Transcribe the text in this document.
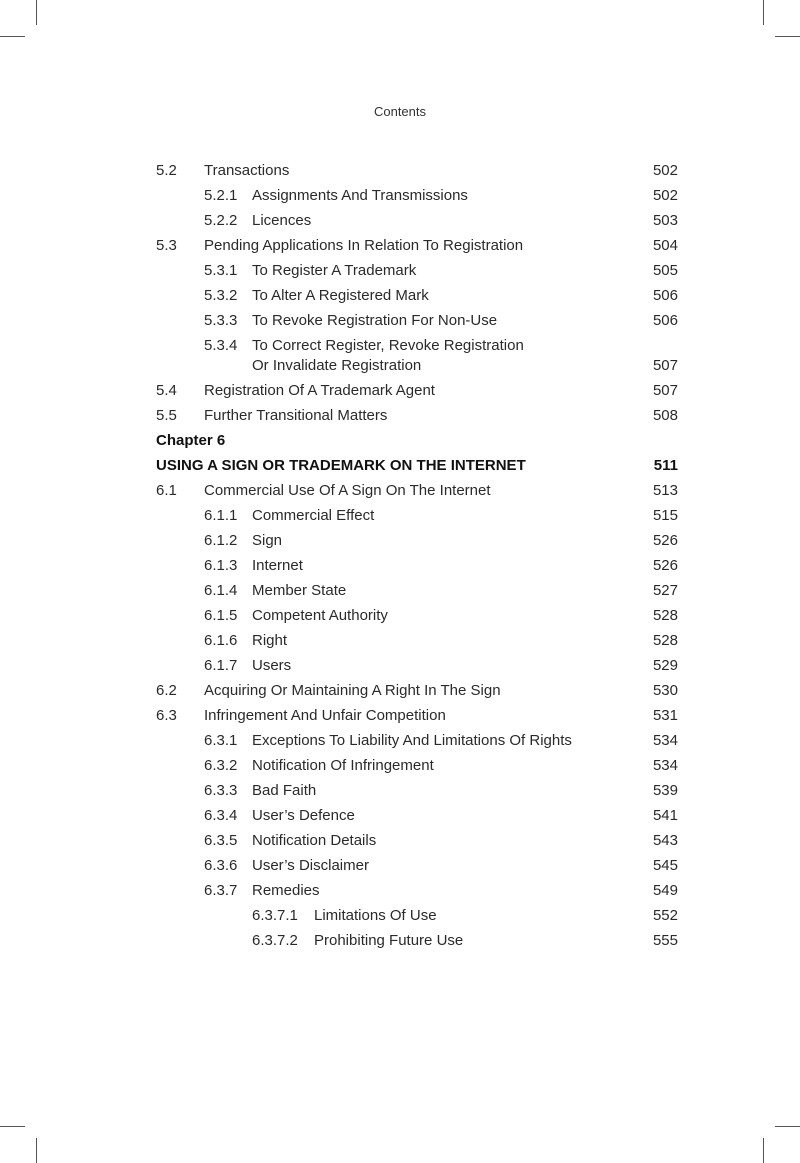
Contents
5.2 Transactions	502
5.2.1 Assignments And Transmissions	502
5.2.2 Licences	503
5.3 Pending Applications In Relation To Registration	504
5.3.1 To Register A Trademark	505
5.3.2 To Alter A Registered Mark	506
5.3.3 To Revoke Registration For Non-Use	506
5.3.4 To Correct Register, Revoke Registration
Or Invalidate Registration	507
5.4 Registration Of A Trademark Agent	507
5.5 Further Transitional Matters	508
Chapter 6
USING A SIGN OR TRADEMARK ON THE INTERNET	511
6.1 Commercial Use Of A Sign On The Internet	513
6.1.1 Commercial Effect	515
6.1.2 Sign	526
6.1.3 Internet	526
6.1.4 Member State	527
6.1.5 Competent Authority	528
6.1.6 Right	528
6.1.7 Users	529
6.2 Acquiring Or Maintaining A Right In The Sign	530
6.3 Infringement And Unfair Competition	531
6.3.1 Exceptions To Liability And Limitations Of Rights	534
6.3.2 Notification Of Infringement	534
6.3.3 Bad Faith	539
6.3.4 User’s Defence	541
6.3.5 Notification Details	543
6.3.6 User’s Disclaimer	545
6.3.7 Remedies	549
6.3.7.1 Limitations Of Use	552
6.3.7.2 Prohibiting Future Use	555
